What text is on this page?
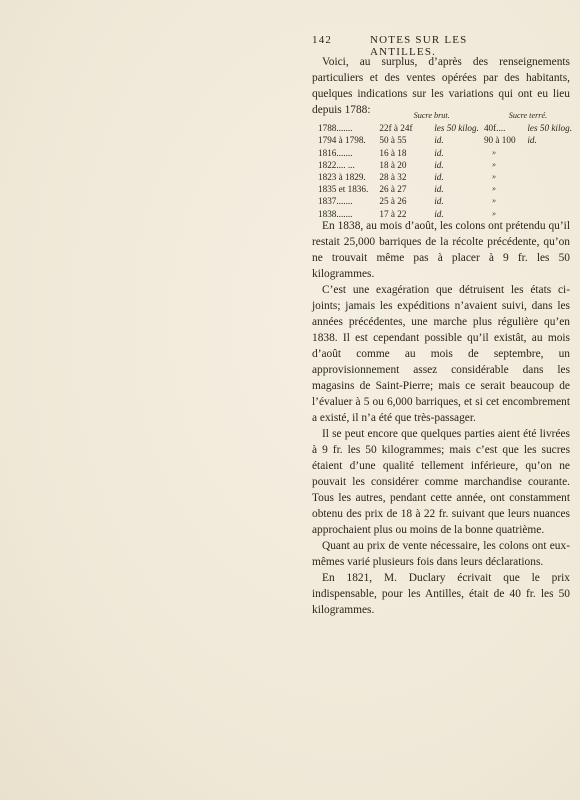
142	NOTES SUR LES ANTILLES.

Voici, au surplus, d’après des renseignements particuliers et des ventes opérées par des habitants, quelques indications sur les variations qui ont eu lieu depuis 1788:

		Sucre brut.		Sucre terré.	
1788.......	22f à 24f	les 50 kilog.	40f....	les 50 kilog.
1794 à 1798.	50 à 55	id.	90 à 100	id.
1816.......	16 à 18	id.	»	
1822.... ...	18 à 20	id.	»	
1823 à 1829.	28 à 32	id.	»	
1835 et 1836.	26 à 27	id.	»	
1837.......	25 à 26	id.	»	
1838.......	17 à 22	id.	»	

En 1838, au mois d’août, les colons ont prétendu qu’il restait 25,000 barriques de la récolte précédente, qu’on ne trouvait même pas à placer à 9 fr. les 50 kilogrammes.

C’est une exagération que détruisent les états ci-joints; jamais les expéditions n’avaient suivi, dans les années précédentes, une marche plus régulière qu’en 1838. Il est cependant possible qu’il existât, au mois d’août comme au mois de septembre, un approvisionnement assez considérable dans les magasins de Saint-Pierre; mais ce serait beaucoup de l’évaluer à 5 ou 6,000 barriques, et si cet encombrement a existé, il n’a été que très-passager.

Il se peut encore que quelques parties aient été livrées à 9 fr. les 50 kilogrammes; mais c’est que les sucres étaient d’une qualité tellement inférieure, qu’on ne pouvait les considérer comme marchandise courante. Tous les autres, pendant cette année, ont constamment obtenu des prix de 18 à 22 fr. suivant que leurs nuances approchaient plus ou moins de la bonne quatrième.

Quant au prix de vente nécessaire, les colons ont eux-mêmes varié plusieurs fois dans leurs déclarations.

En 1821, M. Duclary écrivait que le prix indispensable, pour les Antilles, était de 40 fr. les 50 kilogrammes.
